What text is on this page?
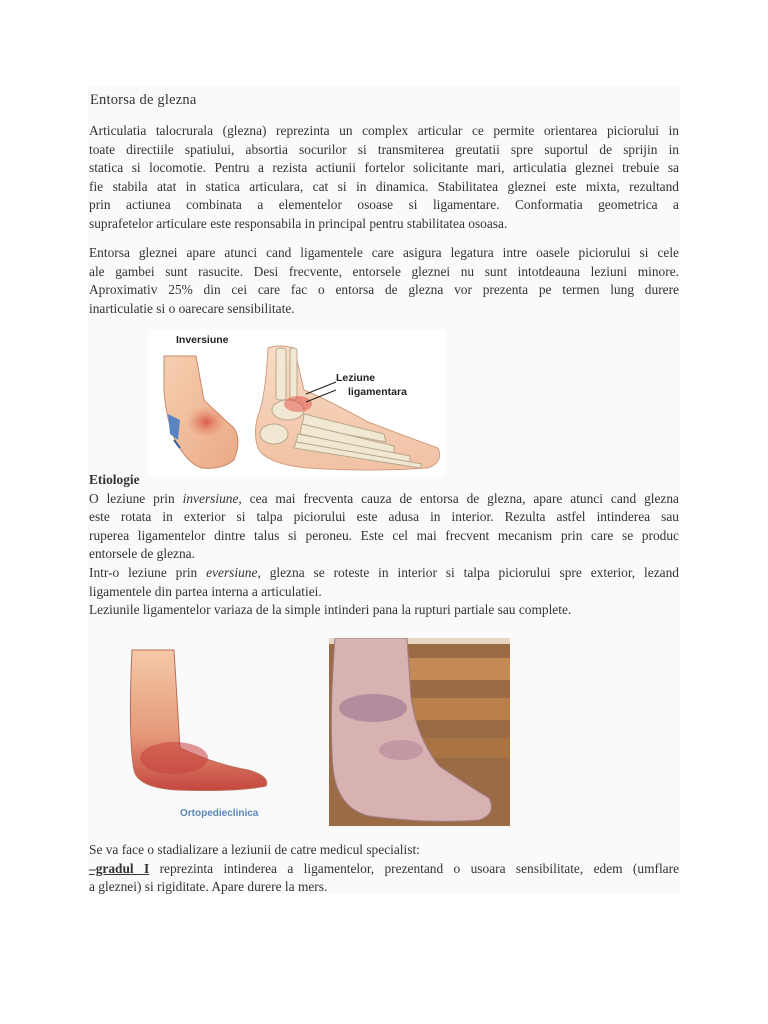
Entorsa de glezna
Articulatia talocrurala (glezna) reprezinta un complex articular ce permite orientarea piciorului in
toate directiile spatiului, absortia socurilor si transmiterea greutatii spre suportul de sprijin in
statica si locomotie. Pentru a rezista actiunii fortelor solicitante mari, articulatia gleznei trebuie sa
fie stabila atat in statica articulara, cat si in dinamica. Stabilitatea gleznei este mixta, rezultand
prin actiunea combinata a elementelor osoase si ligamentare. Conformatia geometrica a
suprafetelor articulare este responsabila in principal pentru stabilitatea osoasa.
Entorsa gleznei apare atunci cand ligamentele care asigura legatura intre oasele piciorului si cele
ale gambei sunt rasucite. Desi frecvente, entorsele gleznei nu sunt intotdeauna leziuni minore.
Aproximativ 25% din cei care fac o entorsa de glezna vor prezenta pe termen lung durere
inarticulatie si o oarecare sensibilitate.
Inversiune
Leziune
ligamentara
Etiologie
O leziune prin inversiune, cea mai frecventa cauza de entorsa de glezna, apare atunci cand glezna
este rotata in exterior si talpa piciorului este adusa in interior. Rezulta astfel intinderea sau
ruperea ligamentelor dintre talus si peroneu. Este cel mai frecvent mecanism prin care se produc
entorsele de glezna.
Intr-o leziune prin eversiune, glezna se roteste in interior si talpa piciorului spre exterior, lezand
ligamentele din partea interna a articulatiei.
Leziunile ligamentelor variaza de la simple intinderi pana la rupturi partiale sau complete.
Ortopedieclinica
Se va face o stadializare a leziunii de catre medicul specialist:
–gradul I reprezinta intinderea a ligamentelor, prezentand o usoara sensibilitate, edem (umflare
a gleznei) si rigiditate. Apare durere la mers.
